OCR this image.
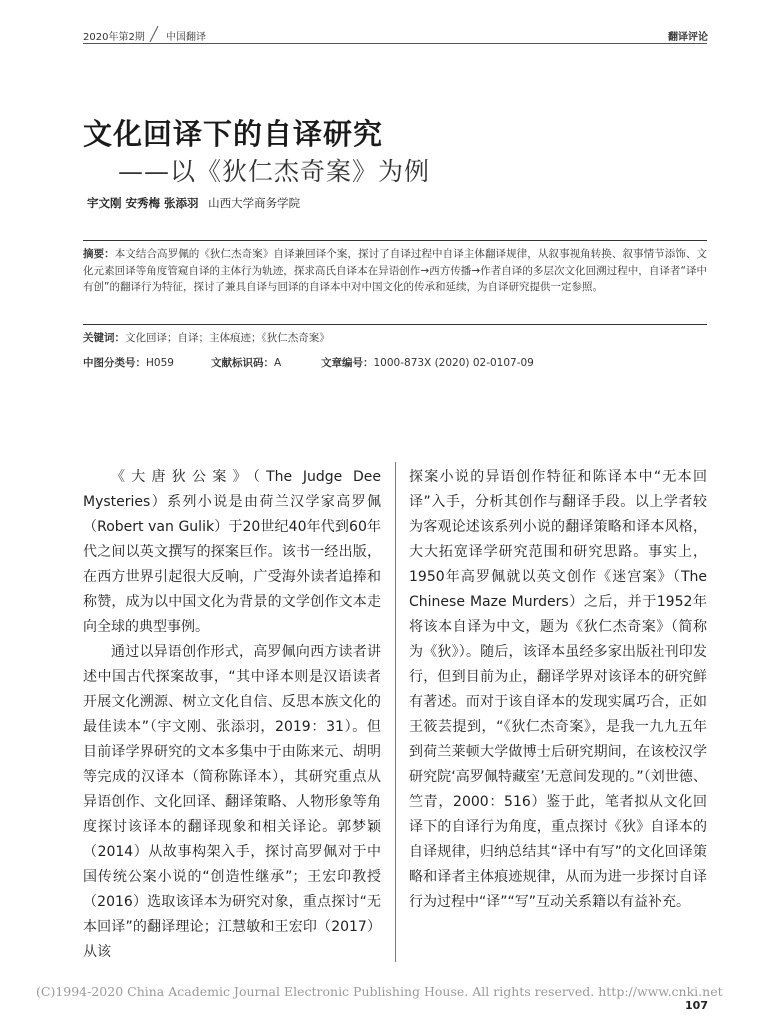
2020年第2期 中国翻译	翻译评论
文化回译下的自译研究
——以《狄仁杰奇案》为例
宇文刚 安秀梅 张添羽 山西大学商务学院
摘要：本文结合高罗佩的《狄仁杰奇案》自译兼回译个案，探讨了自译过程中自译主体翻译规律，从叙事视角转换、叙事情节添饰、文化元素回译等角度管窥自译的主体行为轨迹，探求高氏自译本在异语创作→西方传播→作者自译的多层次文化回溯过程中，自译者“译中有创”的翻译行为特征，探讨了兼具自译与回译的自译本中对中国文化的传承和延续，为自译研究提供一定参照。
关键词：文化回译；自译；主体痕迹；《狄仁杰奇案》
中图分类号：H059	文献标识码：A	文章编号：1000-873X (2020) 02-0107-09

《大唐狄公案》（The Judge Dee Mysteries）系列小说是由荷兰汉学家高罗佩（Robert van Gulik）于20世纪40年代到60年代之间以英文撰写的探案巨作。该书一经出版，在西方世界引起很大反响，广受海外读者追捧和称赞，成为以中国文化为背景的文学创作文本走向全球的典型事例。

通过以异语创作形式，高罗佩向西方读者讲述中国古代探案故事，“其中译本则是汉语读者开展文化溯源、树立文化自信、反思本族文化的最佳读本”（宇文刚、张添羽，2019：31）。但目前译学界研究的文本多集中于由陈来元、胡明等完成的汉译本（简称陈译本），其研究重点从异语创作、文化回译、翻译策略、人物形象等角度探讨该译本的翻译现象和相关译论。郭梦颖（2014）从故事构架入手，探讨高罗佩对于中国传统公案小说的“创造性继承”；王宏印教授（2016）选取该译本为研究对象，重点探讨“无本回译”的翻译理论；江慧敏和王宏印（2017）从该

探案小说的异语创作特征和陈译本中“无本回译”入手，分析其创作与翻译手段。以上学者较为客观论述该系列小说的翻译策略和译本风格，大大拓宽译学研究范围和研究思路。事实上，1950年高罗佩就以英文创作《迷宫案》（The Chinese Maze Murders）之后，并于1952年将该本自译为中文，题为《狄仁杰奇案》（简称为《狄》）。随后，该译本虽经多家出版社刊印发行，但到目前为止，翻译学界对该译本的研究鲜有著述。而对于该自译本的发现实属巧合，正如王筱芸提到，“《狄仁杰奇案》，是我一九九五年到荷兰莱顿大学做博士后研究期间，在该校汉学研究院‘高罗佩特藏室’无意间发现的。”（刘世德、竺青，2000：516）鉴于此，笔者拟从文化回译下的自译行为角度，重点探讨《狄》自译本的自译规律，归纳总结其“译中有写”的文化回译策略和译者主体痕迹规律，从而为进一步探讨自译行为过程中“译”“写”互动关系籍以有益补充。

(C)1994-2020 China Academic Journal Electronic Publishing House. All rights reserved. http://www.cnki.net
107
